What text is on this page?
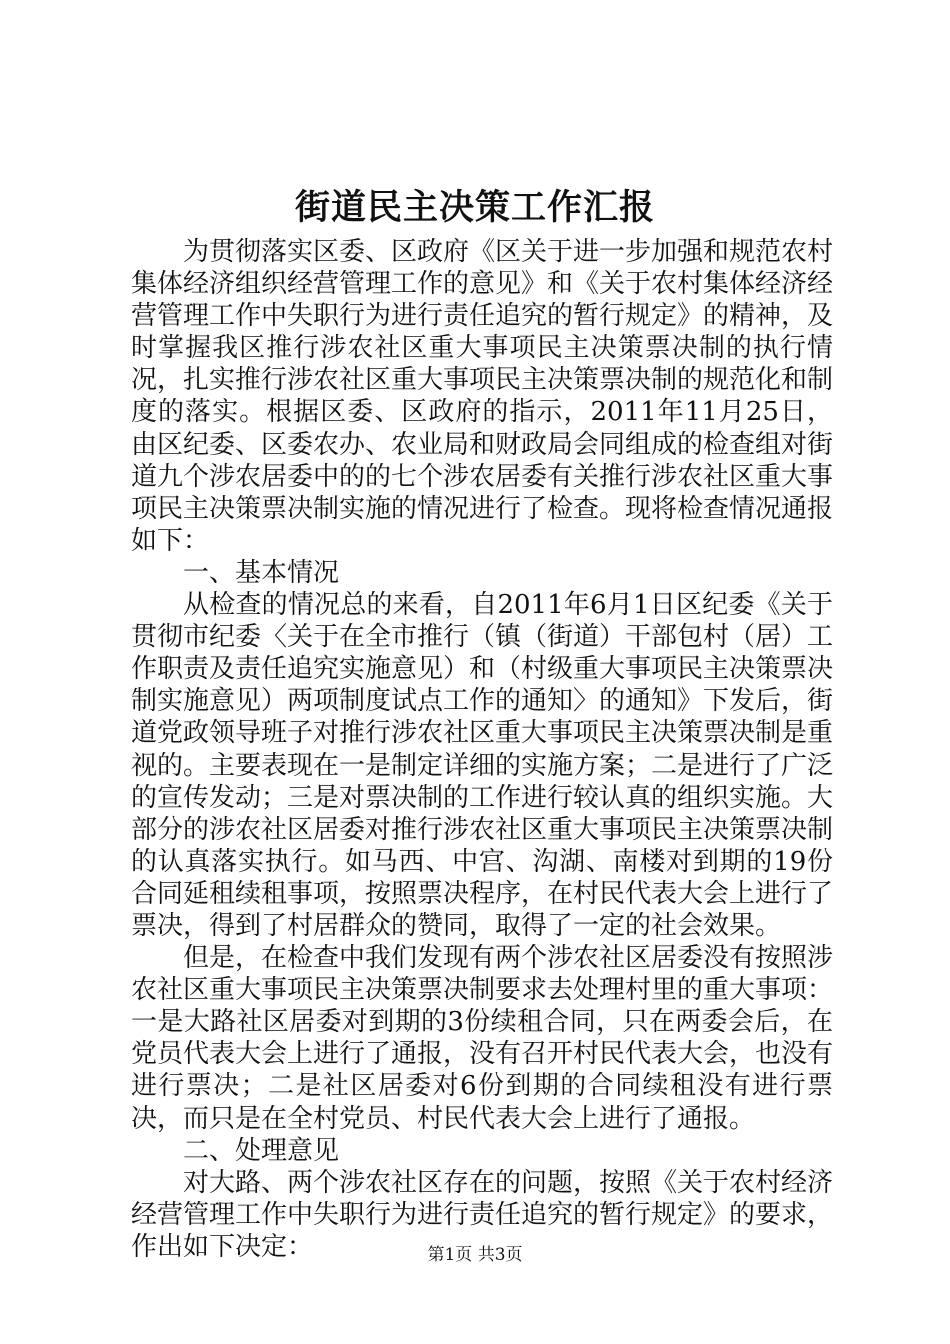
街道民主决策工作汇报

为贯彻落实区委、区政府《区关于进一步加强和规范农村集体经济组织经营管理工作的意见》和《关于农村集体经济经营管理工作中失职行为进行责任追究的暂行规定》的精神，及时掌握我区推行涉农社区重大事项民主决策票决制的执行情况，扎实推行涉农社区重大事项民主决策票决制的规范化和制度的落实。根据区委、区政府的指示，2011年11月25日，由区纪委、区委农办、农业局和财政局会同组成的检查组对街道九个涉农居委中的的七个涉农居委有关推行涉农社区重大事项民主决策票决制实施的情况进行了检查。现将检查情况通报如下：

一、基本情况

从检查的情况总的来看，自2011年6月1日区纪委《关于贯彻市纪委〈关于在全市推行（镇（街道）干部包村（居）工作职责及责任追究实施意见）和（村级重大事项民主决策票决制实施意见）两项制度试点工作的通知〉的通知》下发后，街道党政领导班子对推行涉农社区重大事项民主决策票决制是重视的。主要表现在一是制定详细的实施方案；二是进行了广泛的宣传发动；三是对票决制的工作进行较认真的组织实施。大部分的涉农社区居委对推行涉农社区重大事项民主决策票决制的认真落实执行。如马西、中宫、沟湖、南楼对到期的19份合同延租续租事项，按照票决程序，在村民代表大会上进行了票决，得到了村居群众的赞同，取得了一定的社会效果。

但是，在检查中我们发现有两个涉农社区居委没有按照涉农社区重大事项民主决策票决制要求去处理村里的重大事项：一是大路社区居委对到期的3份续租合同，只在两委会后，在党员代表大会上进行了通报，没有召开村民代表大会，也没有进行票决；二是社区居委对6份到期的合同续租没有进行票决，而只是在全村党员、村民代表大会上进行了通报。

二、处理意见

对大路、两个涉农社区存在的问题，按照《关于农村经济经营管理工作中失职行为进行责任追究的暂行规定》的要求，作出如下决定：	第1页 共3页
